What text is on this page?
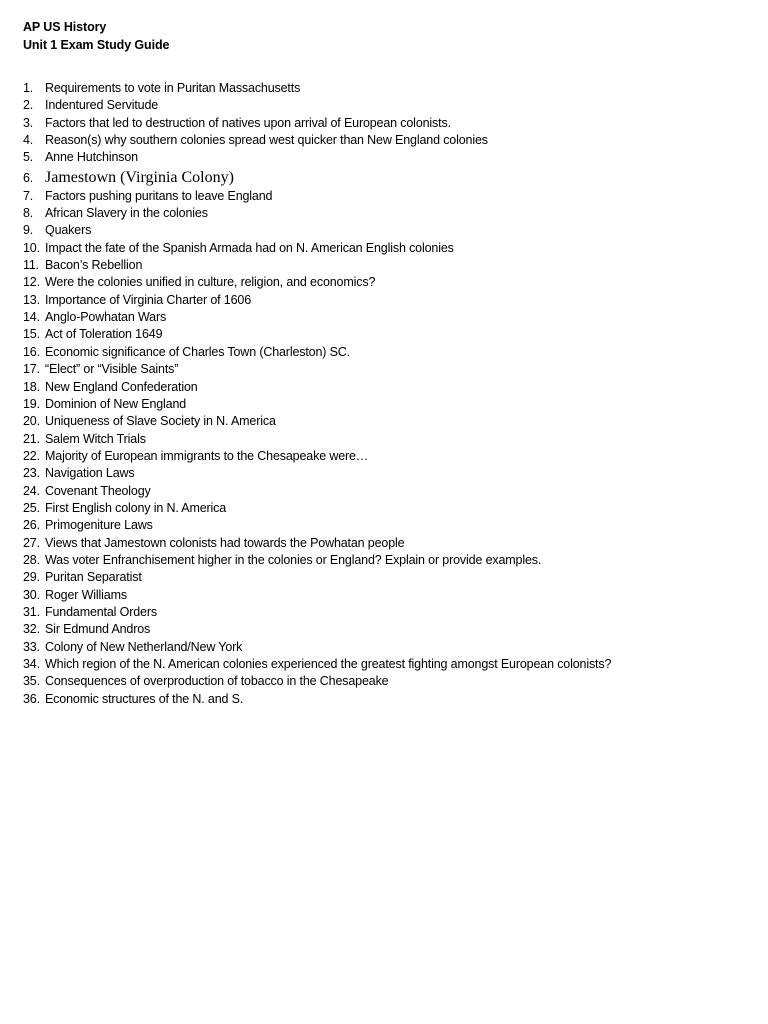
AP US History
Unit 1 Exam Study Guide
1. Requirements to vote in Puritan Massachusetts
2. Indentured Servitude
3. Factors that led to destruction of natives upon arrival of European colonists.
4. Reason(s) why southern colonies spread west quicker than New England colonies
5. Anne Hutchinson
6. Jamestown (Virginia Colony)
7. Factors pushing puritans to leave England
8. African Slavery in the colonies
9. Quakers
10. Impact the fate of the Spanish Armada had on N. American English colonies
11. Bacon’s Rebellion
12. Were the colonies unified in culture, religion, and economics?
13. Importance of Virginia Charter of 1606
14. Anglo-Powhatan Wars
15. Act of Toleration 1649
16. Economic significance of Charles Town (Charleston) SC.
17. “Elect” or “Visible Saints”
18. New England Confederation
19. Dominion of New England
20. Uniqueness of Slave Society in N. America
21. Salem Witch Trials
22. Majority of European immigrants to the Chesapeake were…
23. Navigation Laws
24. Covenant Theology
25. First English colony in N. America
26. Primogeniture Laws
27. Views that Jamestown colonists had towards the Powhatan people
28. Was voter Enfranchisement higher in the colonies or England? Explain or provide examples.
29. Puritan Separatist
30. Roger Williams
31. Fundamental Orders
32. Sir Edmund Andros
33. Colony of New Netherland/New York
34. Which region of the N. American colonies experienced the greatest fighting amongst European colonists?
35. Consequences of overproduction of tobacco in the Chesapeake
36. Economic structures of the N. and S.
